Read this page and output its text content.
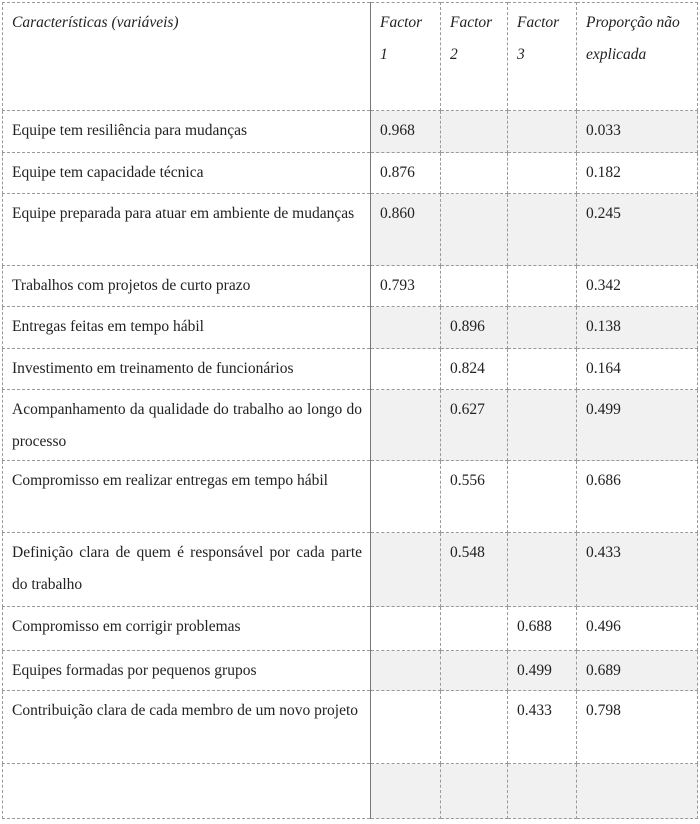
Características (variáveis)	Factor 1	Factor 2	Factor 3	Proporção não explicada
Equipe tem resiliência para mudanças	0.968			0.033
Equipe tem capacidade técnica	0.876			0.182
Equipe preparada para atuar em ambiente de mudanças	0.860			0.245
Trabalhos com projetos de curto prazo	0.793			0.342
Entregas feitas em tempo hábil		0.896		0.138
Investimento em treinamento de funcionários		0.824		0.164
Acompanhamento da qualidade do trabalho ao longo do processo		0.627		0.499
Compromisso em realizar entregas em tempo hábil		0.556		0.686
Definição clara de quem é responsável por cada parte do trabalho		0.548		0.433
Compromisso em corrigir problemas			0.688	0.496
Equipes formadas por pequenos grupos			0.499	0.689
Contribuição clara de cada membro de um novo projeto			0.433	0.798
